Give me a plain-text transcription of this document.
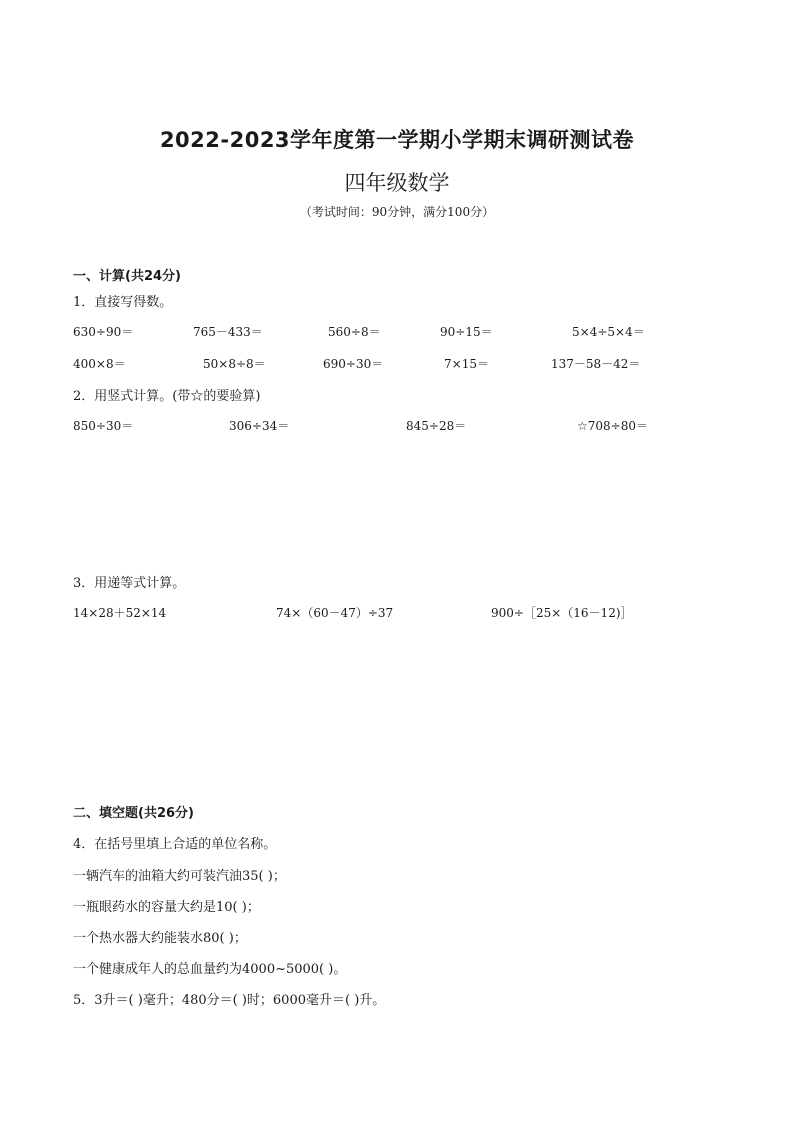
2022-2023学年度第一学期小学期末调研测试卷
四年级数学
（考试时间：90分钟，满分100分）
一、计算(共24分)
1．直接写得数。
630÷90＝	765－433＝	560÷8＝	90÷15＝	5×4÷5×4＝
400×8＝	50×8÷8＝	690÷30＝	7×15＝	137－58－42＝
2．用竖式计算。(带☆的要验算)
850÷30＝	306÷34＝	845÷28＝	☆708÷80＝
3．用递等式计算。
14×28＋52×14	74×（60－47）÷37	900÷［25×（16－12)］
二、填空题(共26分)
4．在括号里填上合适的单位名称。
一辆汽车的油箱大约可装汽油35( )；
一瓶眼药水的容量大约是10( )；
一个热水器大约能装水80( )；
一个健康成年人的总血量约为4000~5000( )。
5．3升＝( )毫升；480分＝( )时；6000毫升＝( )升。
